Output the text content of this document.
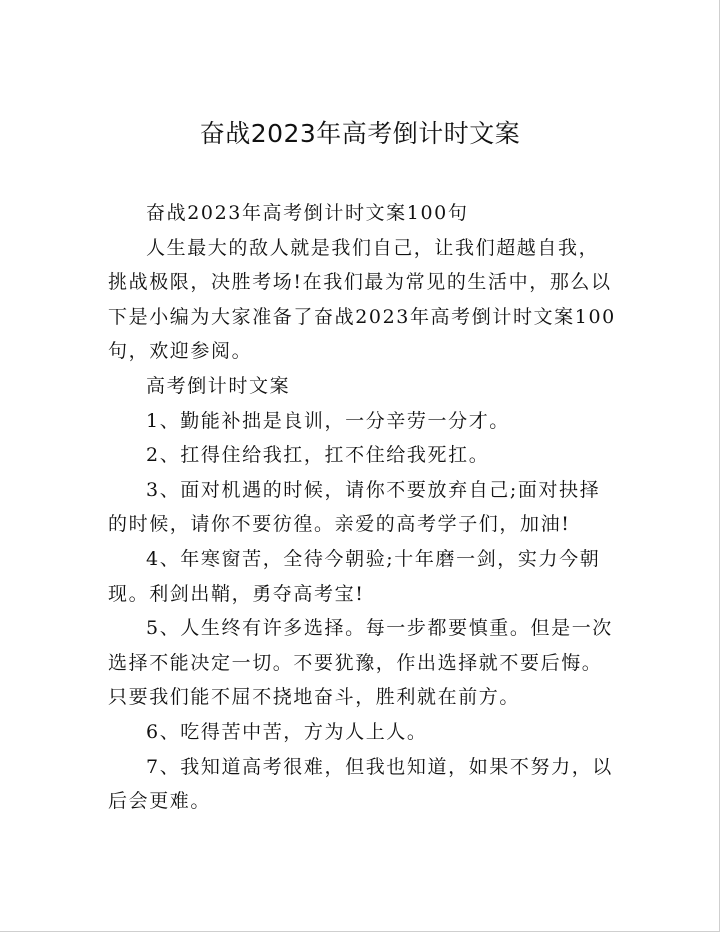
奋战2023年高考倒计时文案

奋战2023年高考倒计时文案100句

人生最大的敌人就是我们自己，让我们超越自我，挑战极限，决胜考场!在我们最为常见的生活中，那么以下是小编为大家准备了奋战2023年高考倒计时文案100句，欢迎参阅。

高考倒计时文案

1、勤能补拙是良训，一分辛劳一分才。

2、扛得住给我扛，扛不住给我死扛。

3、面对机遇的时候，请你不要放弃自己;面对抉择的时候，请你不要彷徨。亲爱的高考学子们，加油!

4、年寒窗苦，全待今朝验;十年磨一剑，实力今朝现。利剑出鞘，勇夺高考宝!

5、人生终有许多选择。每一步都要慎重。但是一次选择不能决定一切。不要犹豫，作出选择就不要后悔。只要我们能不屈不挠地奋斗，胜利就在前方。

6、吃得苦中苦，方为人上人。

7、我知道高考很难，但我也知道，如果不努力，以后会更难。
